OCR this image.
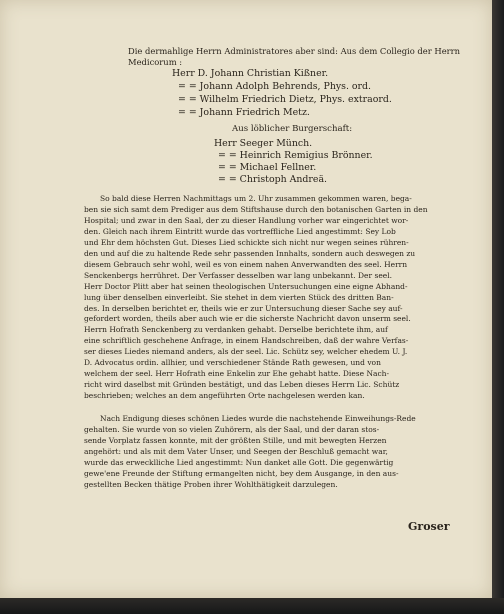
Die dermahlige Herrn Administratores aber sind: Aus dem Collegio der Herrn
Medicorum :
Herr D. Johann Christian Kißner.
= = Johann Adolph Behrends, Phys. ord.
= = Wilhelm Friedrich Dietz, Phys. extraord.
= = Johann Friedrich Metz.
Aus löblicher Burgerschaft:
Herr Seeger Münch.
= = Heinrich Remigius Brönner.
= = Michael Fellner.
= = Christoph Andreä.

So bald diese Herren Nachmittags um 2. Uhr zusammen gekommen waren, bega-

ben sie sich samt dem Prediger aus dem Stiftshause durch den botanischen Garten in den

Hospital; und zwar in den Saal, der zu dieser Handlung vorher war eingerichtet wor-

den. Gleich nach ihrem Eintritt wurde das vortreffliche Lied angestimmt: Sey Lob

und Ehr dem höchsten Gut. Dieses Lied schickte sich nicht nur wegen seines rühren-

den und auf die zu haltende Rede sehr passenden Innhalts, sondern auch deswegen zu

diesem Gebrauch sehr wohl, weil es von einem nahen Anverwandten des seel. Herrn

Senckenbergs herrühret. Der Verfasser desselben war lang unbekannt. Der seel.

Herr Doctor Plitt aber hat seinen theologischen Untersuchungen eine eigne Abhand-

lung über denselben einverleibt. Sie stehet in dem vierten Stück des dritten Ban-

des. In derselben berichtet er, theils wie er zur Untersuchung dieser Sache sey auf-

gefordert worden, theils aber auch wie er die sicherste Nachricht davon unserm seel.

Herrn Hofrath Senckenberg zu verdanken gehabt. Derselbe berichtete ihm, auf

eine schriftlich geschehene Anfrage, in einem Handschreiben, daß der wahre Verfas-

ser dieses Liedes niemand anders, als der seel. Lic. Schütz sey, welcher ehedem U. J.

D. Advocatus ordin. allhier, und verschiedener Stände Rath gewesen, und von

welchem der seel. Herr Hofrath eine Enkelin zur Ehe gehabt hatte. Diese Nach-

richt wird daselbst mit Gründen bestätigt, und das Leben dieses Herrn Lic. Schütz

beschrieben; welches an dem angeführten Orte nachgelesen werden kan.

Nach Endigung dieses schönen Liedes wurde die nachstehende Einweihungs-Rede

gehalten. Sie wurde von so vielen Zuhörern, als der Saal, und der daran stos-

sende Vorplatz fassen konnte, mit der größten Stille, und mit bewegten Herzen

angehört: und als mit dem Vater Unser, und Seegen der Beschluß gemacht war,

wurde das erwecklliche Lied angestimmt: Nun danket alle Gott. Die gegenwärtig

gewe'ene Freunde der Stiftung ermangelten nicht, bey dem Ausgange, in den aus-

gestellten Becken thätige Proben ihrer Wohlthätigkeit darzulegen.

Groser
